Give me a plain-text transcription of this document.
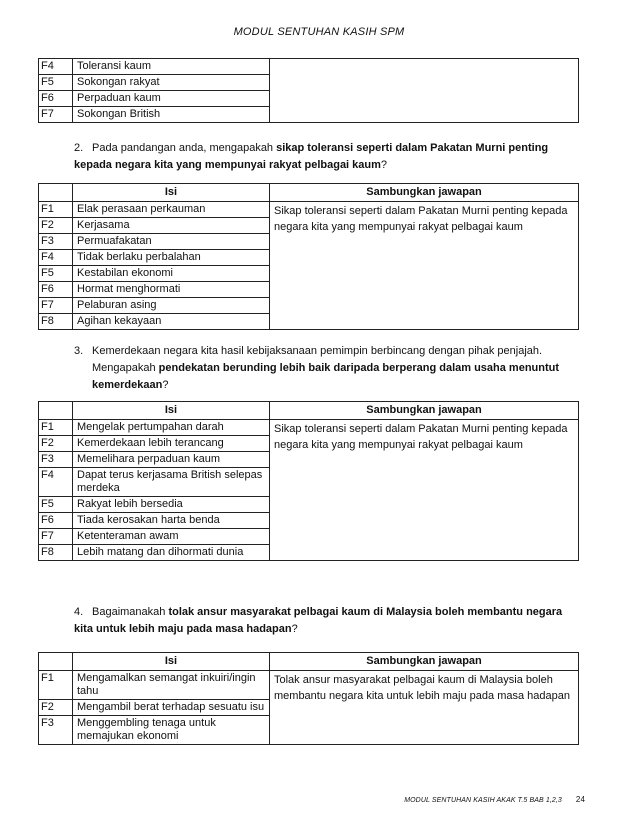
MODUL SENTUHAN KASIH SPM
F4	Toleransi kaum	
F5	Sokongan rakyat	
F6	Perpaduan kaum	
F7	Sokongan British	
2. Pada pandangan anda, mengapakah sikap toleransi seperti dalam Pakatan Murni penting kepada negara kita yang mempunyai rakyat pelbagai kaum?
	Isi	Sambungkan jawapan
F1	Elak perasaan perkauman	Sikap toleransi seperti dalam Pakatan Murni penting kepada negara kita yang mempunyai rakyat pelbagai kaum
F2	Kerjasama	
F3	Permuafakatan	
F4	Tidak berlaku perbalahan	
F5	Kestabilan ekonomi	
F6	Hormat menghormati	
F7	Pelaburan asing	
F8	Agihan kekayaan	
3. Kemerdekaan negara kita hasil kebijaksanaan pemimpin berbincang dengan pihak penjajah.
Mengapakah pendekatan berunding lebih baik daripada berperang dalam usaha menuntut kemerdekaan?
	Isi	Sambungkan jawapan
F1	Mengelak pertumpahan darah	Sikap toleransi seperti dalam Pakatan Murni penting kepada negara kita yang mempunyai rakyat pelbagai kaum
F2	Kemerdekaan lebih terancang	
F3	Memelihara perpaduan kaum	
F4	Dapat terus kerjasama British selepas merdeka	
F5	Rakyat lebih bersedia	
F6	Tiada kerosakan harta benda	
F7	Ketenteraman awam	
F8	Lebih matang dan dihormati dunia	
4. Bagaimanakah tolak ansur masyarakat pelbagai kaum di Malaysia boleh membantu negara kita untuk lebih maju pada masa hadapan?
	Isi	Sambungkan jawapan
F1	Mengamalkan semangat inkuiri/ingin tahu	Tolak ansur masyarakat pelbagai kaum di Malaysia boleh membantu negara kita untuk lebih maju pada masa hadapan
F2	Mengambil berat terhadap sesuatu isu	
F3	Menggembling tenaga untuk memajukan ekonomi	
MODUL SENTUHAN KASIH AKAK T.5 BAB 1,2,3 24
